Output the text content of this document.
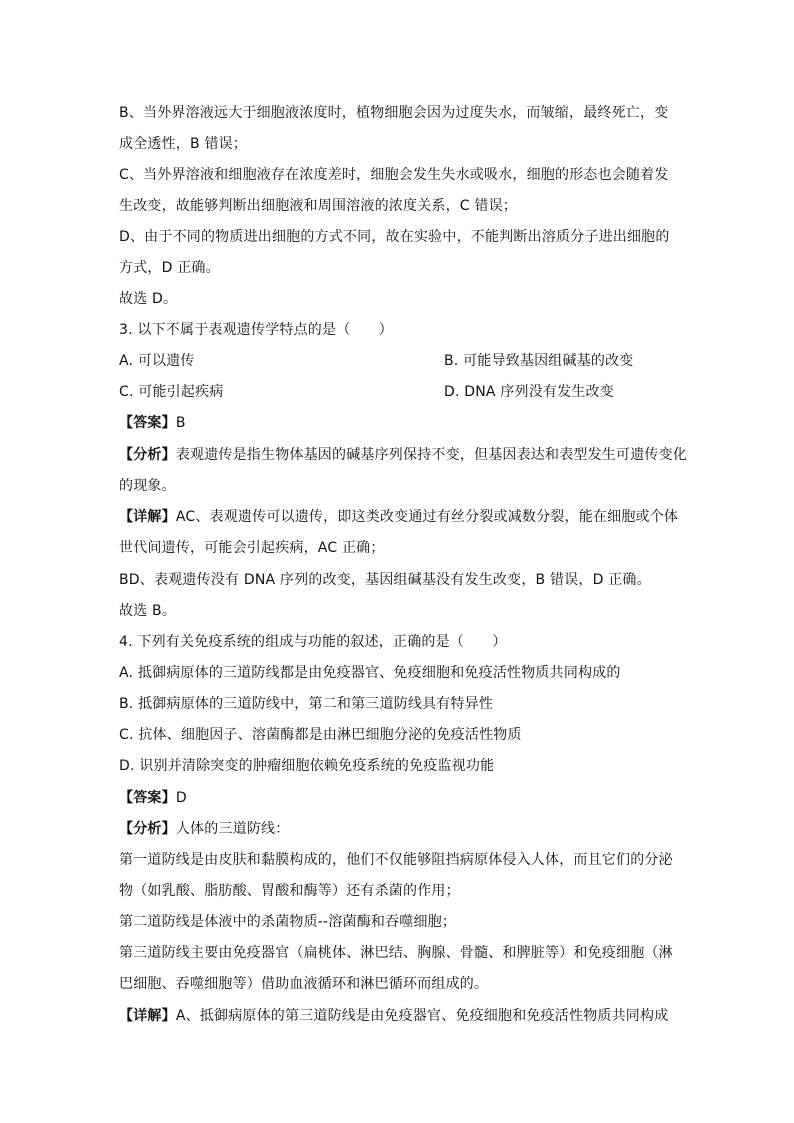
B、当外界溶液远大于细胞液浓度时，植物细胞会因为过度失水，而皱缩，最终死亡，变
成全透性，B 错误；
C、当外界溶液和细胞液存在浓度差时，细胞会发生失水或吸水，细胞的形态也会随着发
生改变，故能够判断出细胞液和周围溶液的浓度关系，C 错误；
D、由于不同的物质进出细胞的方式不同，故在实验中，不能判断出溶质分子进出细胞的
方式，D 正确。
故选 D。
3. 以下不属于表观遗传学特点的是（　　）
A. 可以遗传	B. 可能导致基因组碱基的改变
C. 可能引起疾病	D. DNA 序列没有发生改变
【答案】B
【分析】表观遗传是指生物体基因的碱基序列保持不变，但基因表达和表型发生可遗传变化
的现象。
【详解】AC、表观遗传可以遗传，即这类改变通过有丝分裂或减数分裂，能在细胞或个体
世代间遗传，可能会引起疾病，AC 正确；
BD、表观遗传没有 DNA 序列的改变，基因组碱基没有发生改变，B 错误，D 正确。
故选 B。
4. 下列有关免疫系统的组成与功能的叙述，正确的是（　　）
A. 抵御病原体的三道防线都是由免疫器官、免疫细胞和免疫活性物质共同构成的
B. 抵御病原体的三道防线中，第二和第三道防线具有特异性
C. 抗体、细胞因子、溶菌酶都是由淋巴细胞分泌的免疫活性物质
D. 识别并清除突变的肿瘤细胞依赖免疫系统的免疫监视功能
【答案】D
【分析】人体的三道防线：
第一道防线是由皮肤和黏膜构成的，他们不仅能够阻挡病原体侵入人体，而且它们的分泌
物（如乳酸、脂肪酸、胃酸和酶等）还有杀菌的作用；
第二道防线是体液中的杀菌物质--溶菌酶和吞噬细胞；
第三道防线主要由免疫器官（扁桃体、淋巴结、胸腺、骨髓、和脾脏等）和免疫细胞（淋
巴细胞、吞噬细胞等）借助血液循环和淋巴循环而组成的。
【详解】A、抵御病原体的第三道防线是由免疫器官、免疫细胞和免疫活性物质共同构成
